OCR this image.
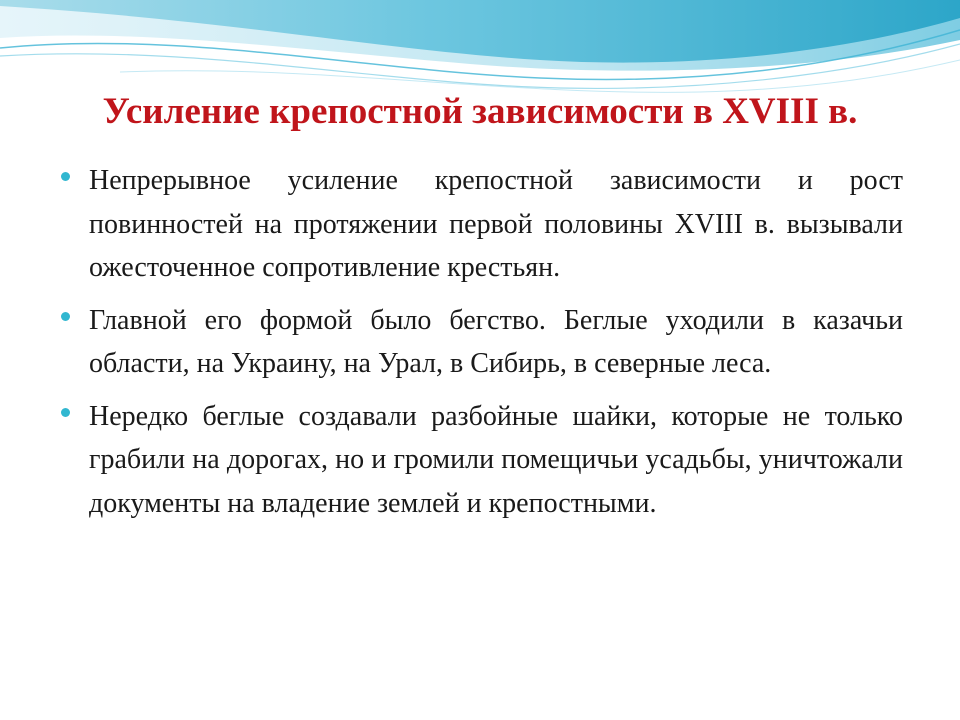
Усиление крепостной зависимости в XVIII в.
Непрерывное усиление крепостной зависимости и рост повинностей на протяжении первой половины XVIII в. вызывали ожесточенное сопротивление крестьян.
Главной его формой было бегство. Беглые уходили в казачьи области, на Украину, на Урал, в Сибирь, в северные леса.
Нередко беглые создавали разбойные шайки, которые не только грабили на дорогах, но и громили помещичьи усадьбы, уничтожали документы на владение землей и крепостными.
